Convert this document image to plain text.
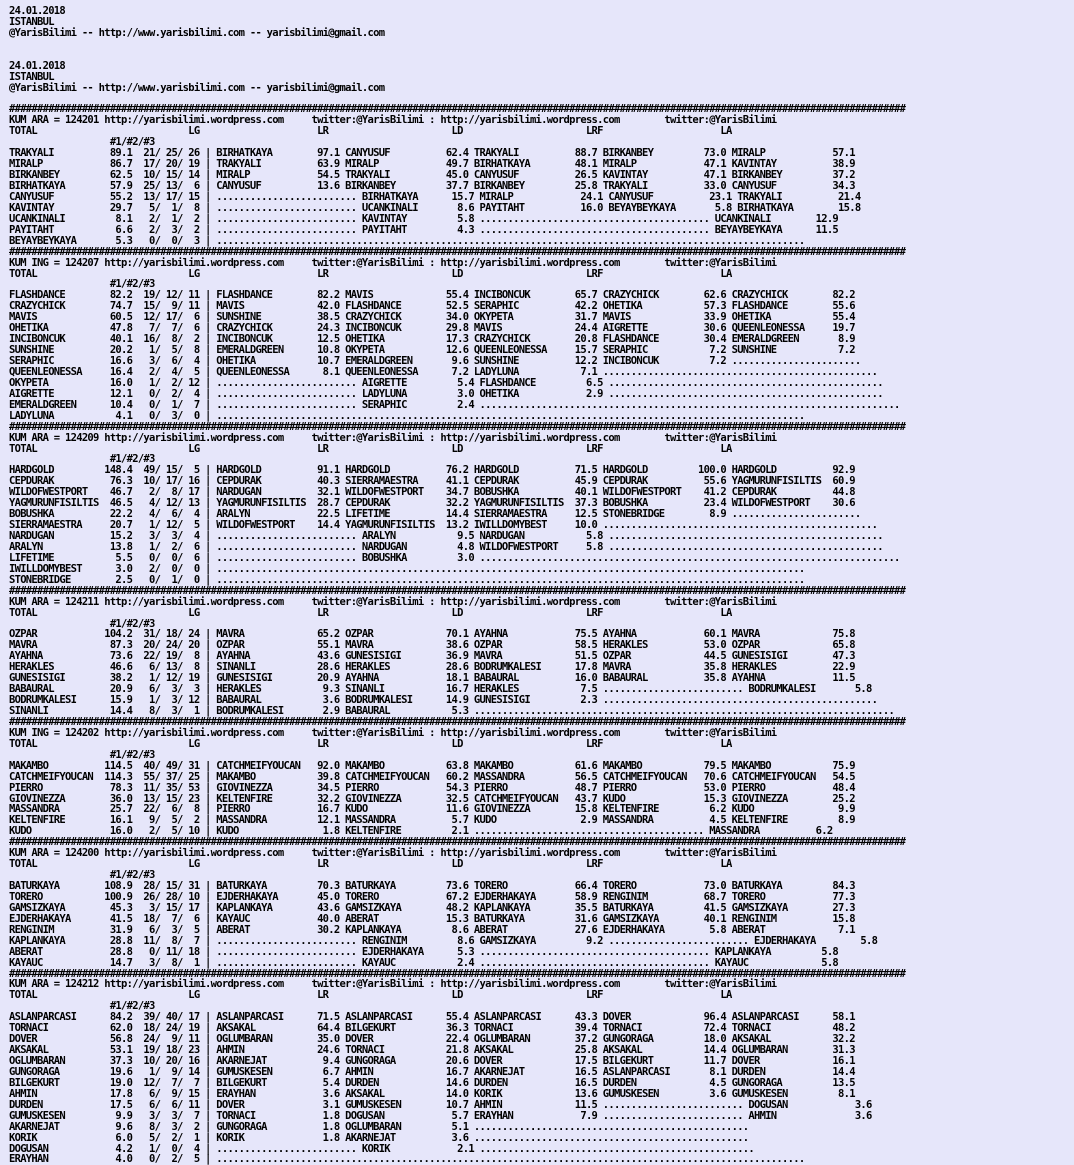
24.01.2018
ISTANBUL
@YarisBilimi -- http://www.yarisbilimi.com -- yarisbilimi@gmail.com

24.01.2018
ISTANBUL
@YarisBilimi -- http://www.yarisbilimi.com -- yarisbilimi@gmail.com

################################################################################################################################################################
KUM ARA = 124201 http://yarisbilimi.wordpress.com     twitter:@YarisBilimi : http://yarisbilimi.wordpress.com        twitter:@YarisBilimi
TOTAL                           LG                     LR                      LD                      LRF                     LA
#1/#2/#3
TRAKYALI          89.1  21/ 25/ 26 | BIRHATKAYA        97.1 CANYUSUF          62.4 TRAKYALI          88.7 BIRKANBEY         73.0 MIRALP            57.1
MIRALP            86.7  17/ 20/ 19 | TRAKYALI          63.9 MIRALP            49.7 BIRHATKAYA        48.1 MIRALP            47.1 KAVINTAY          38.9
BIRKANBEY         62.5  10/ 15/ 14 | MIRALP            54.5 TRAKYALI          45.0 CANYUSUF          26.5 KAVINTAY          47.1 BIRKANBEY         37.2
BIRHATKAYA        57.9  25/ 13/  6 | CANYUSUF          13.6 BIRKANBEY         37.7 BIRKANBEY         25.8 TRAKYALI          33.0 CANYUSUF          34.3
CANYUSUF          55.2  13/ 17/ 15 | ......................... BIRHATKAYA      15.7 MIRALP            24.1 CANYUSUF          23.1 TRAKYALI          21.4
KAVINTAY          29.7   5/  1/  8 | ......................... UCANKINALI       8.6 PAYITAHT          16.0 BEYAYBEYKAYA       5.8 BIRHATKAYA        15.8
UCANKINALI         8.1   2/  1/  2 | ......................... KAVINTAY         5.8 ......................................... UCANKINALI        12.9
PAYITAHT           6.6   2/  3/  2 | ......................... PAYITAHT         4.3 ......................................... BEYAYBEYKAYA      11.5
BEYAYBEYKAYA       5.3   0/  0/  3 | .........................................................................................................
################################################################################################################################################################
KUM ING = 124207 http://yarisbilimi.wordpress.com     twitter:@YarisBilimi : http://yarisbilimi.wordpress.com        twitter:@YarisBilimi
TOTAL                           LG                     LR                      LD                      LRF                     LA
#1/#2/#3
FLASHDANCE        82.2  19/ 12/ 11 | FLASHDANCE        82.2 MAVIS             55.4 INCIBONCUK        65.7 CRAZYCHICK        62.6 CRAZYCHICK        82.2
CRAZYCHICK        74.7  15/  9/ 11 | MAVIS             42.0 FLASHDANCE        52.5 SERAPHIC          42.2 OHETIKA           57.3 FLASHDANCE        55.6
MAVIS             60.5  12/ 17/  6 | SUNSHINE          38.5 CRAZYCHICK        34.0 OKYPETA           31.7 MAVIS             33.9 OHETIKA           55.4
OHETIKA           47.8   7/  7/  6 | CRAZYCHICK        24.3 INCIBONCUK        29.8 MAVIS             24.4 AIGRETTE          30.6 QUEENLEONESSA     19.7
INCIBONCUK        40.1  16/  8/  2 | INCIBONCUK        12.5 OHETIKA           17.3 CRAZYCHICK        20.8 FLASHDANCE        30.4 EMERALDGREEN       8.9
SUNSHINE          20.2   1/  5/  8 | EMERALDGREEN      10.8 OKYPETA           12.6 QUEENLEONESSA     15.7 SERAPHIC           7.2 SUNSHINE           7.2
SERAPHIC          16.6   3/  6/  4 | OHETIKA           10.7 EMERALDGREEN       9.6 SUNSHINE          12.2 INCIBONCUK         7.2 .......................
QUEENLEONESSA     16.4   2/  4/  5 | QUEENLEONESSA      8.1 QUEENLEONESSA      7.2 LADYLUNA           7.1 .................................................
OKYPETA           16.0   1/  2/ 12 | ......................... AIGRETTE         5.4 FLASHDANCE         6.5 .................................................
AIGRETTE          12.1   0/  2/  4 | ......................... LADYLUNA         3.0 OHETIKA            2.9 .................................................
EMERALDGREEN      10.4   0/  1/  7 | ......................... SERAPHIC         2.4 ...........................................................................
LADYLUNA           4.1   0/  3/  0 | .........................................................................................................
################################################################################################################################################################
KUM ARA = 124209 http://yarisbilimi.wordpress.com     twitter:@YarisBilimi : http://yarisbilimi.wordpress.com        twitter:@YarisBilimi
TOTAL                           LG                     LR                      LD                      LRF                     LA
#1/#2/#3
HARDGOLD         148.4  49/ 15/  5 | HARDGOLD          91.1 HARDGOLD          76.2 HARDGOLD          71.5 HARDGOLD         100.0 HARDGOLD          92.9
CEPDURAK          76.3  10/ 17/ 16 | CEPDURAK          40.3 SIERRAMAESTRA     41.1 CEPDURAK          45.9 CEPDURAK          55.6 YAGMURUNFISILTIS  60.9
WILDOFWESTPORT    46.7   2/  8/ 17 | NARDUGAN          32.1 WILDOFWESTPORT    34.7 BOBUSHKA          40.1 WILDOFWESTPORT    41.2 CEPDURAK          44.8
YAGMURUNFISILTIS  46.5   4/ 12/ 13 | YAGMURUNFISILTIS  28.7 CEPDURAK          32.2 YAGMURUNFISILTIS  37.3 BOBUSHKA          23.4 WILDOFWESTPORT    30.6
BOBUSHKA          22.2   4/  6/  4 | ARALYN            22.5 LIFETIME          14.4 SIERRAMAESTRA     12.5 STONEBRIDGE        8.9 .......................
SIERRAMAESTRA     20.7   1/ 12/  5 | WILDOFWESTPORT    14.4 YAGMURUNFISILTIS  13.2 IWILLDOMYBEST     10.0 .................................................
NARDUGAN          15.2   3/  3/  4 | ......................... ARALYN           9.5 NARDUGAN           5.8 .................................................
ARALYN            13.8   1/  2/  6 | ......................... NARDUGAN         4.8 WILDOFWESTPORT     5.8 .................................................
LIFETIME           5.5   0/  0/  6 | ......................... BOBUSHKA         3.0 ...........................................................................
IWILLDOMYBEST      3.0   2/  0/  0 | .........................................................................................................
STONEBRIDGE        2.5   0/  1/  0 | .........................................................................................................
################################################################################################################################################################
KUM ARA = 124211 http://yarisbilimi.wordpress.com     twitter:@YarisBilimi : http://yarisbilimi.wordpress.com        twitter:@YarisBilimi
TOTAL                           LG                     LR                      LD                      LRF                     LA
#1/#2/#3
OZPAR            104.2  31/ 18/ 24 | MAVRA             65.2 OZPAR             70.1 AYAHNA            75.5 AYAHNA            60.1 MAVRA             75.8
MAVRA             87.3  20/ 24/ 20 | OZPAR             55.1 MAVRA             38.6 OZPAR             58.5 HERAKLES          53.0 OZPAR             65.8
AYAHNA            73.6  22/ 19/  8 | AYAHNA            43.6 GUNESISIGI        36.9 MAVRA             51.5 OZPAR             44.5 GUNESISIGI        47.3
HERAKLES          46.6   6/ 13/  8 | SINANLI           28.6 HERAKLES          28.6 BODRUMKALESI      17.8 MAVRA             35.8 HERAKLES          22.9
GUNESISIGI        38.2   1/ 12/ 19 | GUNESISIGI        20.9 AYAHNA            18.1 BABAURAL          16.0 BABAURAL          35.8 AYAHNA            11.5
BABAURAL          20.9   6/  3/  3 | HERAKLES           9.3 SINANLI           16.7 HERAKLES           7.5 ......................... BODRUMKALESI       5.8
BODRUMKALESI      15.9   1/  3/ 12 | BABAURAL           3.6 BODRUMKALESI      14.9 GUNESISIGI         2.3 .................................................
SINANLI           14.4   8/  3/  1 | BODRUMKALESI       2.9 BABAURAL           5.3 ...........................................................................
################################################################################################################################################################
KUM ING = 124202 http://yarisbilimi.wordpress.com     twitter:@YarisBilimi : http://yarisbilimi.wordpress.com        twitter:@YarisBilimi
TOTAL                           LG                     LR                      LD                      LRF                     LA
#1/#2/#3
MAKAMBO          114.5  40/ 49/ 31 | CATCHMEIFYOUCAN   92.0 MAKAMBO           63.8 MAKAMBO           61.6 MAKAMBO           79.5 MAKAMBO           75.9
CATCHMEIFYOUCAN  114.3  55/ 37/ 25 | MAKAMBO           39.8 CATCHMEIFYOUCAN   60.2 MASSANDRA         56.5 CATCHMEIFYOUCAN   70.6 CATCHMEIFYOUCAN   54.5
PIERRO            78.3  11/ 35/ 53 | GIOVINEZZA        34.5 PIERRO            54.3 PIERRO            48.7 PIERRO            53.0 PIERRO            48.4
GIOVINEZZA        36.0  13/ 15/ 23 | KELTENFIRE        32.2 GIOVINEZZA        32.5 CATCHMEIFYOUCAN   43.7 KUDO              15.3 GIOVINEZZA        25.2
MASSANDRA         25.7  22/  6/  8 | PIERRO            16.7 KUDO              11.6 GIOVINEZZA        15.8 KELTENFIRE         6.2 KUDO               9.9
KELTENFIRE        16.1   9/  5/  2 | MASSANDRA         12.1 MASSANDRA          5.7 KUDO               2.9 MASSANDRA          4.5 KELTENFIRE         8.9
KUDO              16.0   2/  5/ 10 | KUDO               1.8 KELTENFIRE         2.1 ......................................... MASSANDRA          6.2
################################################################################################################################################################
KUM ARA = 124200 http://yarisbilimi.wordpress.com     twitter:@YarisBilimi : http://yarisbilimi.wordpress.com        twitter:@YarisBilimi
TOTAL                           LG                     LR                      LD                      LRF                     LA
#1/#2/#3
BATURKAYA        108.9  28/ 15/ 31 | BATURKAYA         70.3 BATURKAYA         73.6 TORERO            66.4 TORERO            73.0 BATURKAYA         84.3
TORERO           100.9  26/ 28/ 10 | EJDERHAKAYA       45.0 TORERO            67.2 EJDERHAKAYA       58.9 RENGINIM          68.7 TORERO            77.3
GAMSIZKAYA        45.3   3/ 15/ 17 | KAPLANKAYA        43.6 GAMSIZKAYA        48.2 KAPLANKAYA        35.5 BATURKAYA         41.5 GAMSIZKAYA        27.3
EJDERHAKAYA       41.5  18/  7/  6 | KAYAUC            40.0 ABERAT            15.3 BATURKAYA         31.6 GAMSIZKAYA        40.1 RENGINIM          15.8
RENGINIM          31.9   6/  3/  5 | ABERAT            30.2 KAPLANKAYA         8.6 ABERAT            27.6 EJDERHAKAYA        5.8 ABERAT             7.1
KAPLANKAYA        28.8  11/  8/  7 | ......................... RENGINIM         8.6 GAMSIZKAYA         9.2 ......................... EJDERHAKAYA        5.8
ABERAT            28.8   0/ 11/ 18 | ......................... EJDERHAKAYA      5.3 ......................................... KAPLANKAYA         5.8
KAYAUC            14.7   3/  8/  1 | ......................... KAYAUC           2.4 ......................................... KAYAUC             5.8
################################################################################################################################################################
KUM ARA = 124212 http://yarisbilimi.wordpress.com     twitter:@YarisBilimi : http://yarisbilimi.wordpress.com        twitter:@YarisBilimi
TOTAL                           LG                     LR                      LD                      LRF                     LA
#1/#2/#3
ASLANPARCASI      84.2  39/ 40/ 17 | ASLANPARCASI      71.5 ASLANPARCASI      55.4 ASLANPARCASI      43.3 DOVER             96.4 ASLANPARCASI      58.1
TORNACI           62.0  18/ 24/ 19 | AKSAKAL           64.4 BILGEKURT         36.3 TORNACI           39.4 TORNACI           72.4 TORNACI           48.2
DOVER             56.8  24/  9/ 11 | OGLUMBARAN        35.0 DOVER             22.4 OGLUMBARAN        37.2 GUNGORAGA         18.0 AKSAKAL           32.2
AKSAKAL           53.1  19/ 18/ 23 | AHMIN             24.6 TORNACI           21.8 AKSAKAL           25.8 AKSAKAL           14.4 OGLUMBARAN        31.3
OGLUMBARAN        37.3  10/ 20/ 16 | AKARNEJAT          9.4 GUNGORAGA         20.6 DOVER             17.5 BILGEKURT         11.7 DOVER             16.1
GUNGORAGA         19.6   1/  9/ 14 | GUMUSKESEN         6.7 AHMIN             16.7 AKARNEJAT         16.5 ASLANPARCASI       8.1 DURDEN            14.4
BILGEKURT         19.0  12/  7/  7 | BILGEKURT          5.4 DURDEN            14.6 DURDEN            16.5 DURDEN             4.5 GUNGORAGA         13.5
AHMIN             17.8   6/  9/ 15 | ERAYHAN            3.6 AKSAKAL           14.0 KORIK             13.6 GUMUSKESEN         3.6 GUMUSKESEN         8.1
DURDEN            17.5   6/  6/ 11 | DOVER              3.1 GUMUSKESEN        10.7 AHMIN             11.5 ......................... DOGUSAN            3.6
GUMUSKESEN         9.9   3/  3/  7 | TORNACI            1.8 DOGUSAN            5.7 ERAYHAN            7.9 ......................... AHMIN              3.6
AKARNEJAT          9.6   8/  3/  2 | GUNGORAGA          1.8 OGLUMBARAN         5.1 .................................................
KORIK              6.0   5/  2/  1 | KORIK              1.8 AKARNEJAT          3.6 .................................................
DOGUSAN            4.2   1/  0/  4 | ......................... KORIK            2.1 .................................................
ERAYHAN            4.0   0/  2/  5 | .........................................................................................................
